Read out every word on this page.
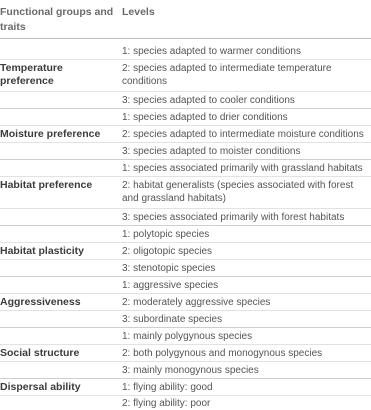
Functional groups and traits
Levels
Temperature preference
1: species adapted to warmer conditions
2: species adapted to intermediate temperature conditions
3: species adapted to cooler conditions
Moisture preference
1: species adapted to drier conditions
2: species adapted to intermediate moisture conditions
3: species adapted to moister conditions
Habitat preference
1: species associated primarily with grassland habitats
2: habitat generalists (species associated with forest and grassland habitats)
3: species associated primarily with forest habitats
Habitat plasticity
1: polytopic species
2: oligotopic species
3: stenotopic species
Aggressiveness
1: aggressive species
2: moderately aggressive species
3: subordinate species
Social structure
1: mainly polygynous species
2: both polygynous and monogynous species
3: mainly monogynous species
Dispersal ability	1: flying ability: good
2: flying ability: poor
